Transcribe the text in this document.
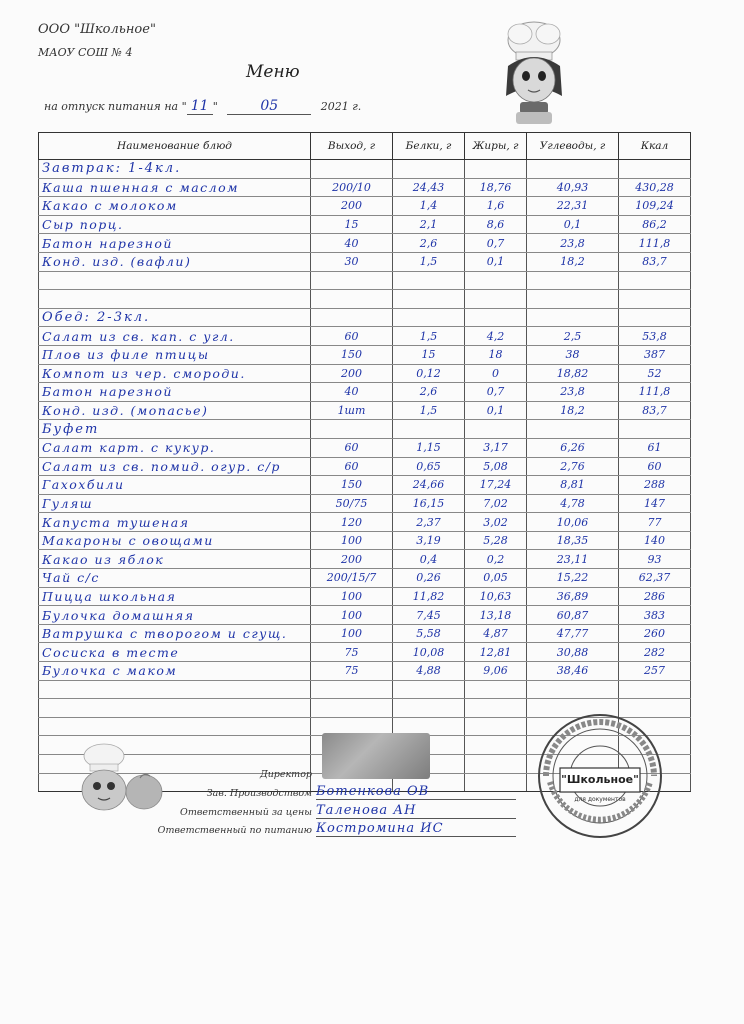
ООО "Школьное"
МАОУ СОШ № 4
Меню
на отпуск питания на " 11 "	05	2021 г.
Наименование блюд	Выход, г	Белки, г	Жиры, г	Углеводы, г	Ккал
Завтрак: 1-4кл.					
Каша пшенная с маслом	200/10	24,43	18,76	40,93	430,28
Какао с молоком	200	1,4	1,6	22,31	109,24
Сыр порц.	15	2,1	8,6	0,1	86,2
Батон нарезной	40	2,6	0,7	23,8	111,8
Конд. изд. (вафли)	30	1,5	0,1	18,2	83,7

Обед: 2-3кл.					
Салат из св. кап. с угл.	60	1,5	4,2	2,5	53,8
Плов из филе птицы	150	15	18	38	387
Компот из чер. смороди.	200	0,12	0	18,82	52
Батон нарезной	40	2,6	0,7	23,8	111,8
Конд. изд. (мопасье)	1шт	1,5	0,1	18,2	83,7
Буфет					
Салат карт. с кукур.	60	1,15	3,17	6,26	61
Салат из св. помид. огур. с/р	60	0,65	5,08	2,76	60
Гахохбили	150	24,66	17,24	8,81	288
Гуляш	50/75	16,15	7,02	4,78	147
Капуста тушеная	120	2,37	3,02	10,06	77
Макароны с овощами	100	3,19	5,28	18,35	140
Какао из яблок	200	0,4	0,2	23,11	93
Чай с/с	200/15/7	0,26	0,05	15,22	62,37
Пицца школьная	100	11,82	10,63	36,89	286
Булочка домашняя	100	7,45	13,18	60,87	383
Ватрушка с творогом и сгущ.	100	5,58	4,87	47,77	260
Сосиска в тесте	75	10,08	12,81	30,88	282
Булочка с маком	75	4,88	9,06	38,46	257

Директор
Зав. Производством Ботенкова ОВ
Ответственный за цены Таленова АН
Ответственный по питанию Костромина ИС
"Школьное"
для документов
